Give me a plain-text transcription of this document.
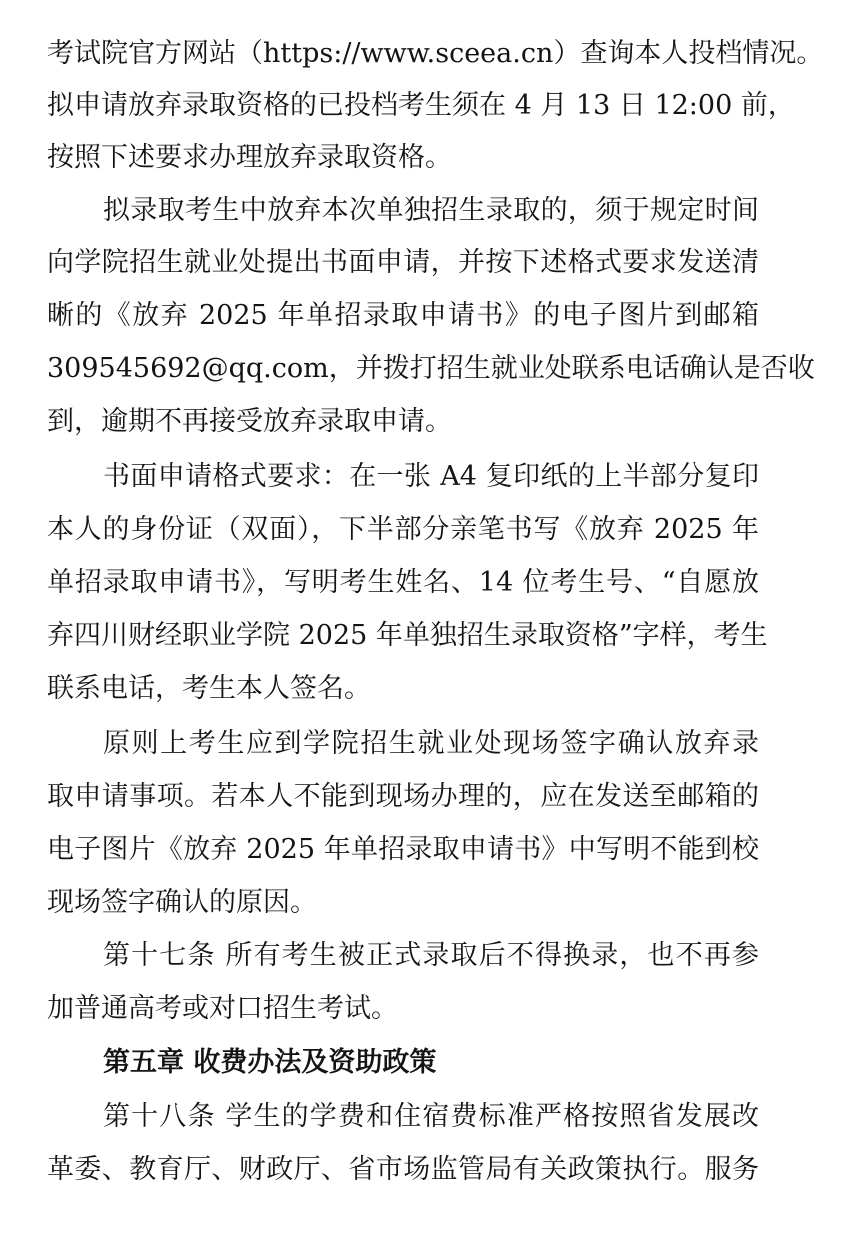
考试院官方网站（https://www.sceea.cn）查询本人投档情况。
拟申请放弃录取资格的已投档考生须在 4 月 13 日 12:00 前，
按照下述要求办理放弃录取资格。
拟录取考生中放弃本次单独招生录取的，须于规定时间
向学院招生就业处提出书面申请，并按下述格式要求发送清
晰的《放弃 2025 年单招录取申请书》的电子图片到邮箱
309545692@qq.com，并拨打招生就业处联系电话确认是否收
到，逾期不再接受放弃录取申请。
书面申请格式要求：在一张 A4 复印纸的上半部分复印
本人的身份证（双面），下半部分亲笔书写《放弃 2025 年
单招录取申请书》，写明考生姓名、14 位考生号、“自愿放
弃四川财经职业学院 2025 年单独招生录取资格”字样，考生
联系电话，考生本人签名。
原则上考生应到学院招生就业处现场签字确认放弃录
取申请事项。若本人不能到现场办理的，应在发送至邮箱的
电子图片《放弃 2025 年单招录取申请书》中写明不能到校
现场签字确认的原因。
第十七条 所有考生被正式录取后不得换录，也不再参
加普通高考或对口招生考试。
第五章 收费办法及资助政策
第十八条 学生的学费和住宿费标准严格按照省发展改
革委、教育厅、财政厅、省市场监管局有关政策执行。服务
